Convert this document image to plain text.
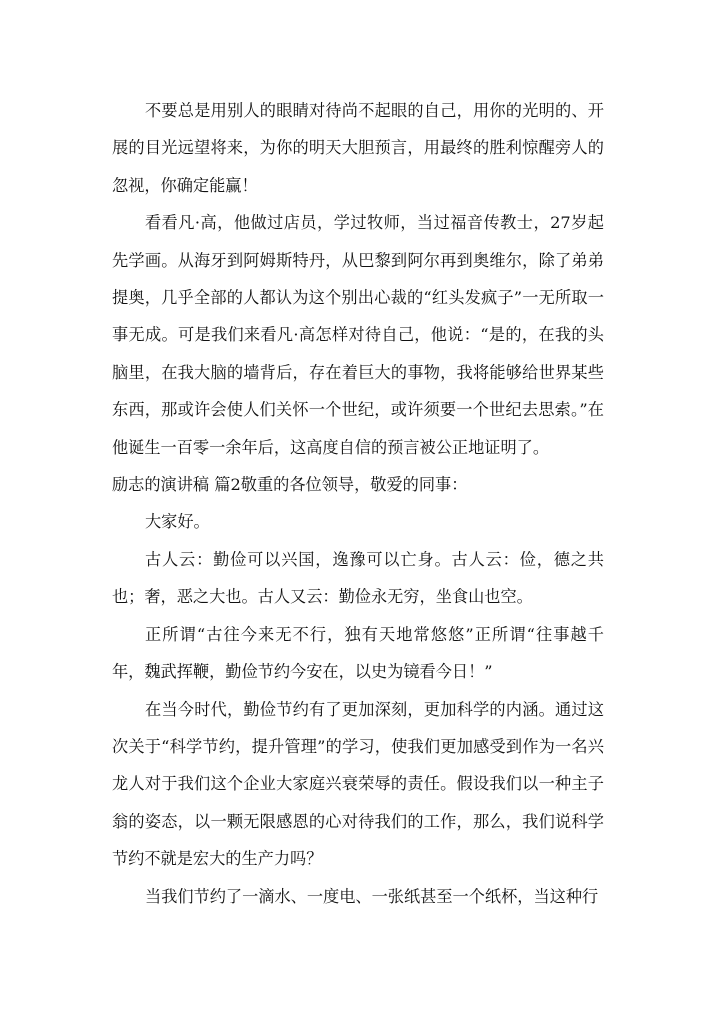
不要总是用别人的眼睛对待尚不起眼的自己，用你的光明的、开展的目光远望将来，为你的明天大胆预言，用最终的胜利惊醒旁人的忽视，你确定能赢！

看看凡·高，他做过店员，学过牧师，当过福音传教士，27岁起先学画。从海牙到阿姆斯特丹，从巴黎到阿尔再到奥维尔，除了弟弟提奥，几乎全部的人都认为这个别出心裁的“红头发疯子”一无所取一事无成。可是我们来看凡·高怎样对待自己，他说：“是的，在我的头脑里，在我大脑的墙背后，存在着巨大的事物，我将能够给世界某些东西，那或许会使人们关怀一个世纪，或许须要一个世纪去思索。”在他诞生一百零一余年后，这高度自信的预言被公正地证明了。

励志的演讲稿 篇2敬重的各位领导，敬爱的同事：

大家好。

古人云：勤俭可以兴国，逸豫可以亡身。古人云：俭，德之共也；奢，恶之大也。古人又云：勤俭永无穷，坐食山也空。

正所谓“古往今来无不行，独有天地常悠悠”正所谓“往事越千年，魏武挥鞭，勤俭节约今安在，以史为镜看今日！”

在当今时代，勤俭节约有了更加深刻，更加科学的内涵。通过这次关于“科学节约，提升管理”的学习，使我们更加感受到作为一名兴龙人对于我们这个企业大家庭兴衰荣辱的责任。假设我们以一种主子翁的姿态，以一颗无限感恩的心对待我们的工作，那么，我们说科学节约不就是宏大的生产力吗？

当我们节约了一滴水、一度电、一张纸甚至一个纸杯，当这种行
